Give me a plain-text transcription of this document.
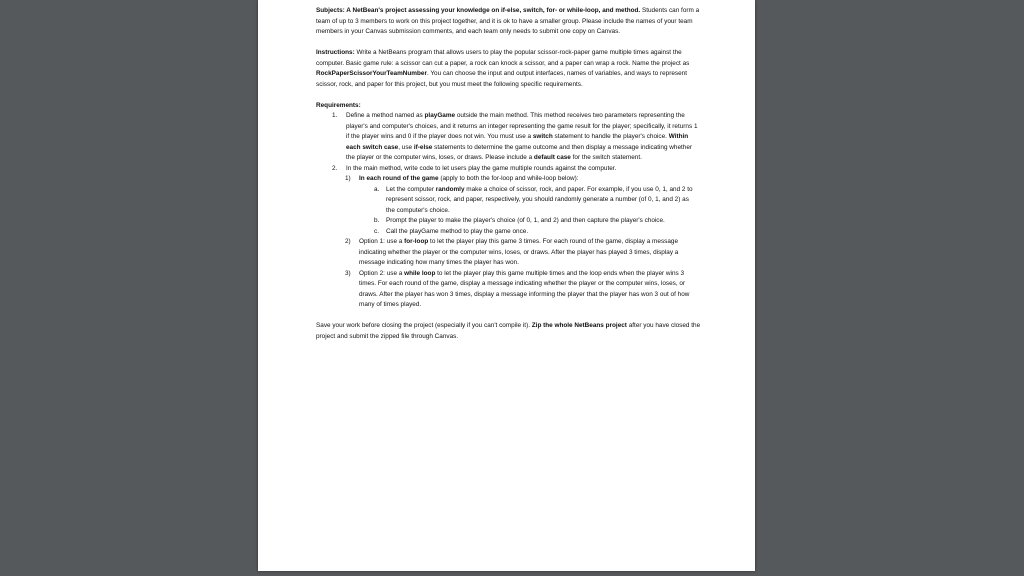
Subjects: A NetBean's project assessing your knowledge on if-else, switch, for- or while-loop, and method. Students can form a team of up to 3 members to work on this project together, and it is ok to have a smaller group. Please include the names of your team members in your Canvas submission comments, and each team only needs to submit one copy on Canvas.

Instructions: Write a NetBeans program that allows users to play the popular scissor-rock-paper game multiple times against the computer. Basic game rule: a scissor can cut a paper, a rock can knock a scissor, and a paper can wrap a rock. Name the project as RockPaperScissorYourTeamNumber. You can choose the input and output interfaces, names of variables, and ways to represent scissor, rock, and paper for this project, but you must meet the following specific requirements.

Requirements:

1.	Define a method named as playGame outside the main method. This method receives two parameters representing the player's and computer's choices, and it returns an integer representing the game result for the player; specifically, it returns 1 if the player wins and 0 if the player does not win. You must use a switch statement to handle the player's choice. Within each switch case, use if-else statements to determine the game outcome and then display a message indicating whether the player or the computer wins, loses, or draws. Please include a default case for the switch statement.
2.	In the main method, write code to let users play the game multiple rounds against the computer.
1)	In each round of the game (apply to both the for-loop and while-loop below):
a.	Let the computer randomly make a choice of scissor, rock, and paper. For example, if you use 0, 1, and 2 to represent scissor, rock, and paper, respectively, you should randomly generate a number (of 0, 1, and 2) as the computer's choice.
b.	Prompt the player to make the player's choice (of 0, 1, and 2) and then capture the player's choice.
c.	Call the playGame method to play the game once.
2)	Option 1: use a for-loop to let the player play this game 3 times. For each round of the game, display a message indicating whether the player or the computer wins, loses, or draws. After the player has played 3 times, display a message indicating how many times the player has won.
3)	Option 2: use a while loop to let the player play this game multiple times and the loop ends when the player wins 3 times. For each round of the game, display a message indicating whether the player or the computer wins, loses, or draws. After the player has won 3 times, display a message informing the player that the player has won 3 out of how many of times played.

Save your work before closing the project (especially if you can't compile it). Zip the whole NetBeans project after you have closed the project and submit the zipped file through Canvas.
